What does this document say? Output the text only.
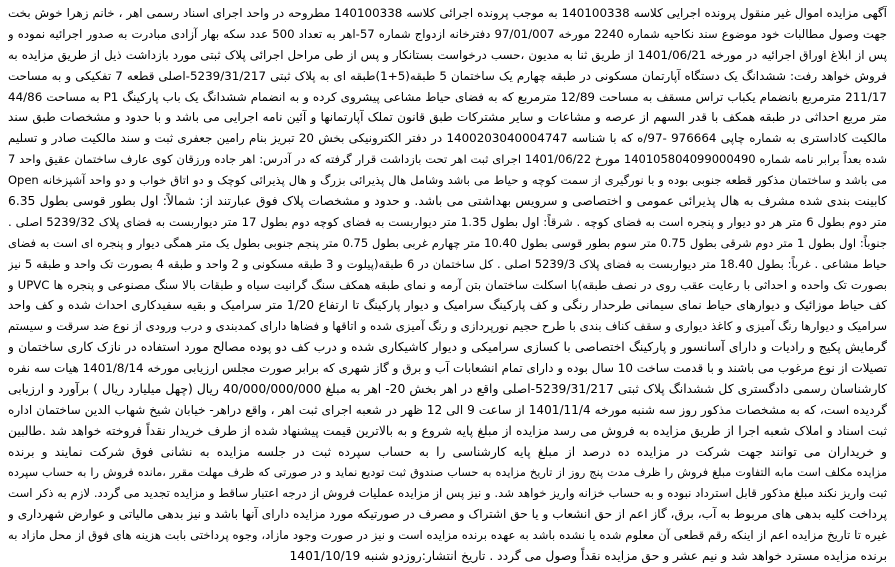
آگهی مزایده اموال غیر منقول پرونده اجرایی کلاسه 140100338 به موجب پرونده اجرائی کلاسه 140100338 مطروحه در واحد اجرای اسناد رسمی اهر ، خانم زهرا خوش بخت
جهت وصول مطالبات خود موضوع سند نکاحیه شماره 2240 مورخه 97/01/007 دفترخانه ازدواج شماره 57-اهر به تعداد 500 عدد سکه بهار آزادی مبادرت به صدور اجرائیه نموده و
پس از ابلاغ اوراق اجرائیه در مورخه 1401/06/21 از طریق ثنا به مدیون ،حسب درخواست بستانکار و پس از طی مراحل اجرائی پلاک ثبتی مورد بازداشت ذیل از طریق مزایده به
فروش خواهد رفت: ششدانگ یک دستگاه آپارتمان مسکونی در طبقه چهارم یک ساختمان 5 طبقه(5+1)طبقه ای به پلاک ثبتی 5239/31/217-اصلی قطعه 7 تفکیکی و به مساحت
211/17 مترمربع بانضمام یکباب تراس مسقف به مساحت 12/89 مترمربع که به فضای حیاط مشاعی پیشروی کرده و به انضمام ششدانگ یک باب پارکینگ P1 به مساحت 44/86
متر مربع احداثی در طبقه همکف با قدر السهم از عرصه و مشاعات و سایر مشترکات طبق قانون تملک آپارتمانها و آئین نامه اجرایی می باشد و با حدود و مشخصات طبق سند
مالکیت کاداستری به شماره چاپی 976664 -97/ه که با شناسه 1400203040004747 در دفتر الکترونیکی بخش 20 تبریز بنام رامین جعفری ثبت و سند مالکیت صادر و تسلیم
شده بعداً برابر نامه شماره 140105804099000490 مورخ 1401/06/22 اجرای ثبت اهر تحت بازداشت قرار گرفته که در آدرس: اهر جاده ورزقان کوی عارف ساختمان عقیق واحد 7
می باشد و ساختمان مذکور قطعه جنوبی بوده و با نورگیری از سمت کوچه و حیاط می باشد وشامل هال پذیرائی بزرگ و هال پذیرائی کوچک و دو اتاق خواب و دو واحد آشپزخانه Open
کابینت بندی شده مشرف به هال پذیرائی عمومی و اختصاصی و سرویس بهداشتی می باشد. و حدود و مشخصات پلاک فوق عبارتند از: شمالاً: اول بطور قوسی بطول 6.35
متر دوم بطول 6 متر هر دو دیوار و پنجره است به فضای کوچه . شرقاً: اول بطول 1.35 متر دیواربست به فضای کوچه دوم بطول 17 متر دیواربست به فضای پلاک 5239/32 اصلی .
جنوباً: اول بطول 1 متر دوم شرقی بطول 0.75 متر سوم بطور قوسی بطول 10.40 متر چهارم غربی بطول 0.75 متر پنجم جنوبی بطول یک متر همگی دیوار و پنجره ای است به فضای
حیاط مشاعی . غرباً: بطول 18.40 متر دیواربست به فضای پلاک 5239/3 اصلی . کل ساختمان در 6 طبقه(پیلوت و 3 طبقه مسکونی و 2 واحد و طبقه 4 بصورت تک واحد و طبقه 5 نیز
بصورت تک واحده و احداثی با رعایت عقب روی در نصف طبقه)با اسکلت ساختمان بتن آرمه و نمای طبقه همکف سنگ گرانیت سیاه و طبقات بالا سنگ مصنوعی و پنجره ها UPVC و
کف حیاط موزائیک و دیوارهای حیاط نمای سیمانی طرحدار رنگی و کف پارکینگ سرامیک و دیوار پارکینگ تا ارتفاع 1/20 متر سرامیک و بقیه سفیدکاری احداث شده و کف واحد
سرامیک و دیوارها رنگ آمیزی و کاغذ دیواری و سقف کناف بندی با طرح حجیم نورپردازی و رنگ آمیزی شده و اتاقها و فضاها دارای کمدبندی و درب ورودی از نوع ضد سرقت و سیستم
گرمایش پکیج و رادیات و دارای آسانسور و پارکینگ اختصاصی با کسازی سرامیکی و دیوار کاشیکاری شده و درب کف دو پوده مصالح مورد استفاده در نازک کاری ساختمان و
تصیلات از نوع مرغوب می باشند و با قدمت ساخت 10 سال بوده و دارای تمام انشعابات آب و برق و گاز شهری که برابر صورت مجلس ارزیابی مورخه 1401/8/14 هیات سه نفره
کارشناسان رسمی دادگستری کل ششدانگ پلاک ثبتی 5239/31/217-اصلی واقع در اهر بخش 20- اهر به مبلغ 40/000/000/000 ریال (چهل میلیارد ریال ) برآورد و ارزیابی
گردیده است، که به مشخصات مذکور روز سه شنبه مورخه 1401/11/4 از ساعت 9 الی 12 ظهر در شعبه اجرای ثبت اهر ، واقع دراهر- خیابان شیخ شهاب الدین ساختمان اداره
ثبت اسناد و املاک شعبه اجرا از طریق مزایده به فروش می رسد مزایده از مبلغ پایه شروع و به بالاترین قیمت پیشنهاد شده از طرف خریدار نقداً فروخته خواهد شد .طالبین
و خریداران می توانند جهت شرکت در مزایده ده درصد از مبلغ پایه کارشناسی را به حساب سپرده ثبت در جلسه مزایده به نشانی فوق شرکت نمایند و برنده
مزایده مکلف است مابه التفاوت مبلغ فروش را ظرف مدت پنج روز از تاریخ مزایده به حساب صندوق ثبت تودیع نماید و در صورتی که ظرف مهلت مقرر ،مانده فروش را به حساب سپرده
ثبت واریز نکند مبلغ مذکور قابل استرداد نبوده و به حساب خزانه واریز خواهد شد. و نیز پس از مزایده عملیات فروش از درجه اعتبار ساقط و مزایده تجدید می گردد. لازم به ذکر است
پرداخت کلیه بدهی های مربوط به آب، برق، گاز اعم از حق انشعاب و یا حق اشتراک و مصرف در صورتیکه مورد مزایده دارای آنها باشد و نیز بدهی مالیاتی و عوارض شهرداری و
غیره تا تاریخ مزایده اعم از اینکه رقم قطعی آن معلوم شده یا نشده باشد به عهده برنده مزایده است و نیز در صورت وجود مازاد، وجوه پرداختی بابت هزینه های فوق از محل مازاد به
برنده مزایده مسترد خواهد شد و نیم عشر و حق مزایده نقداً وصول می گردد . تاریخ انتشار:روزدو شنبه 1401/10/19
